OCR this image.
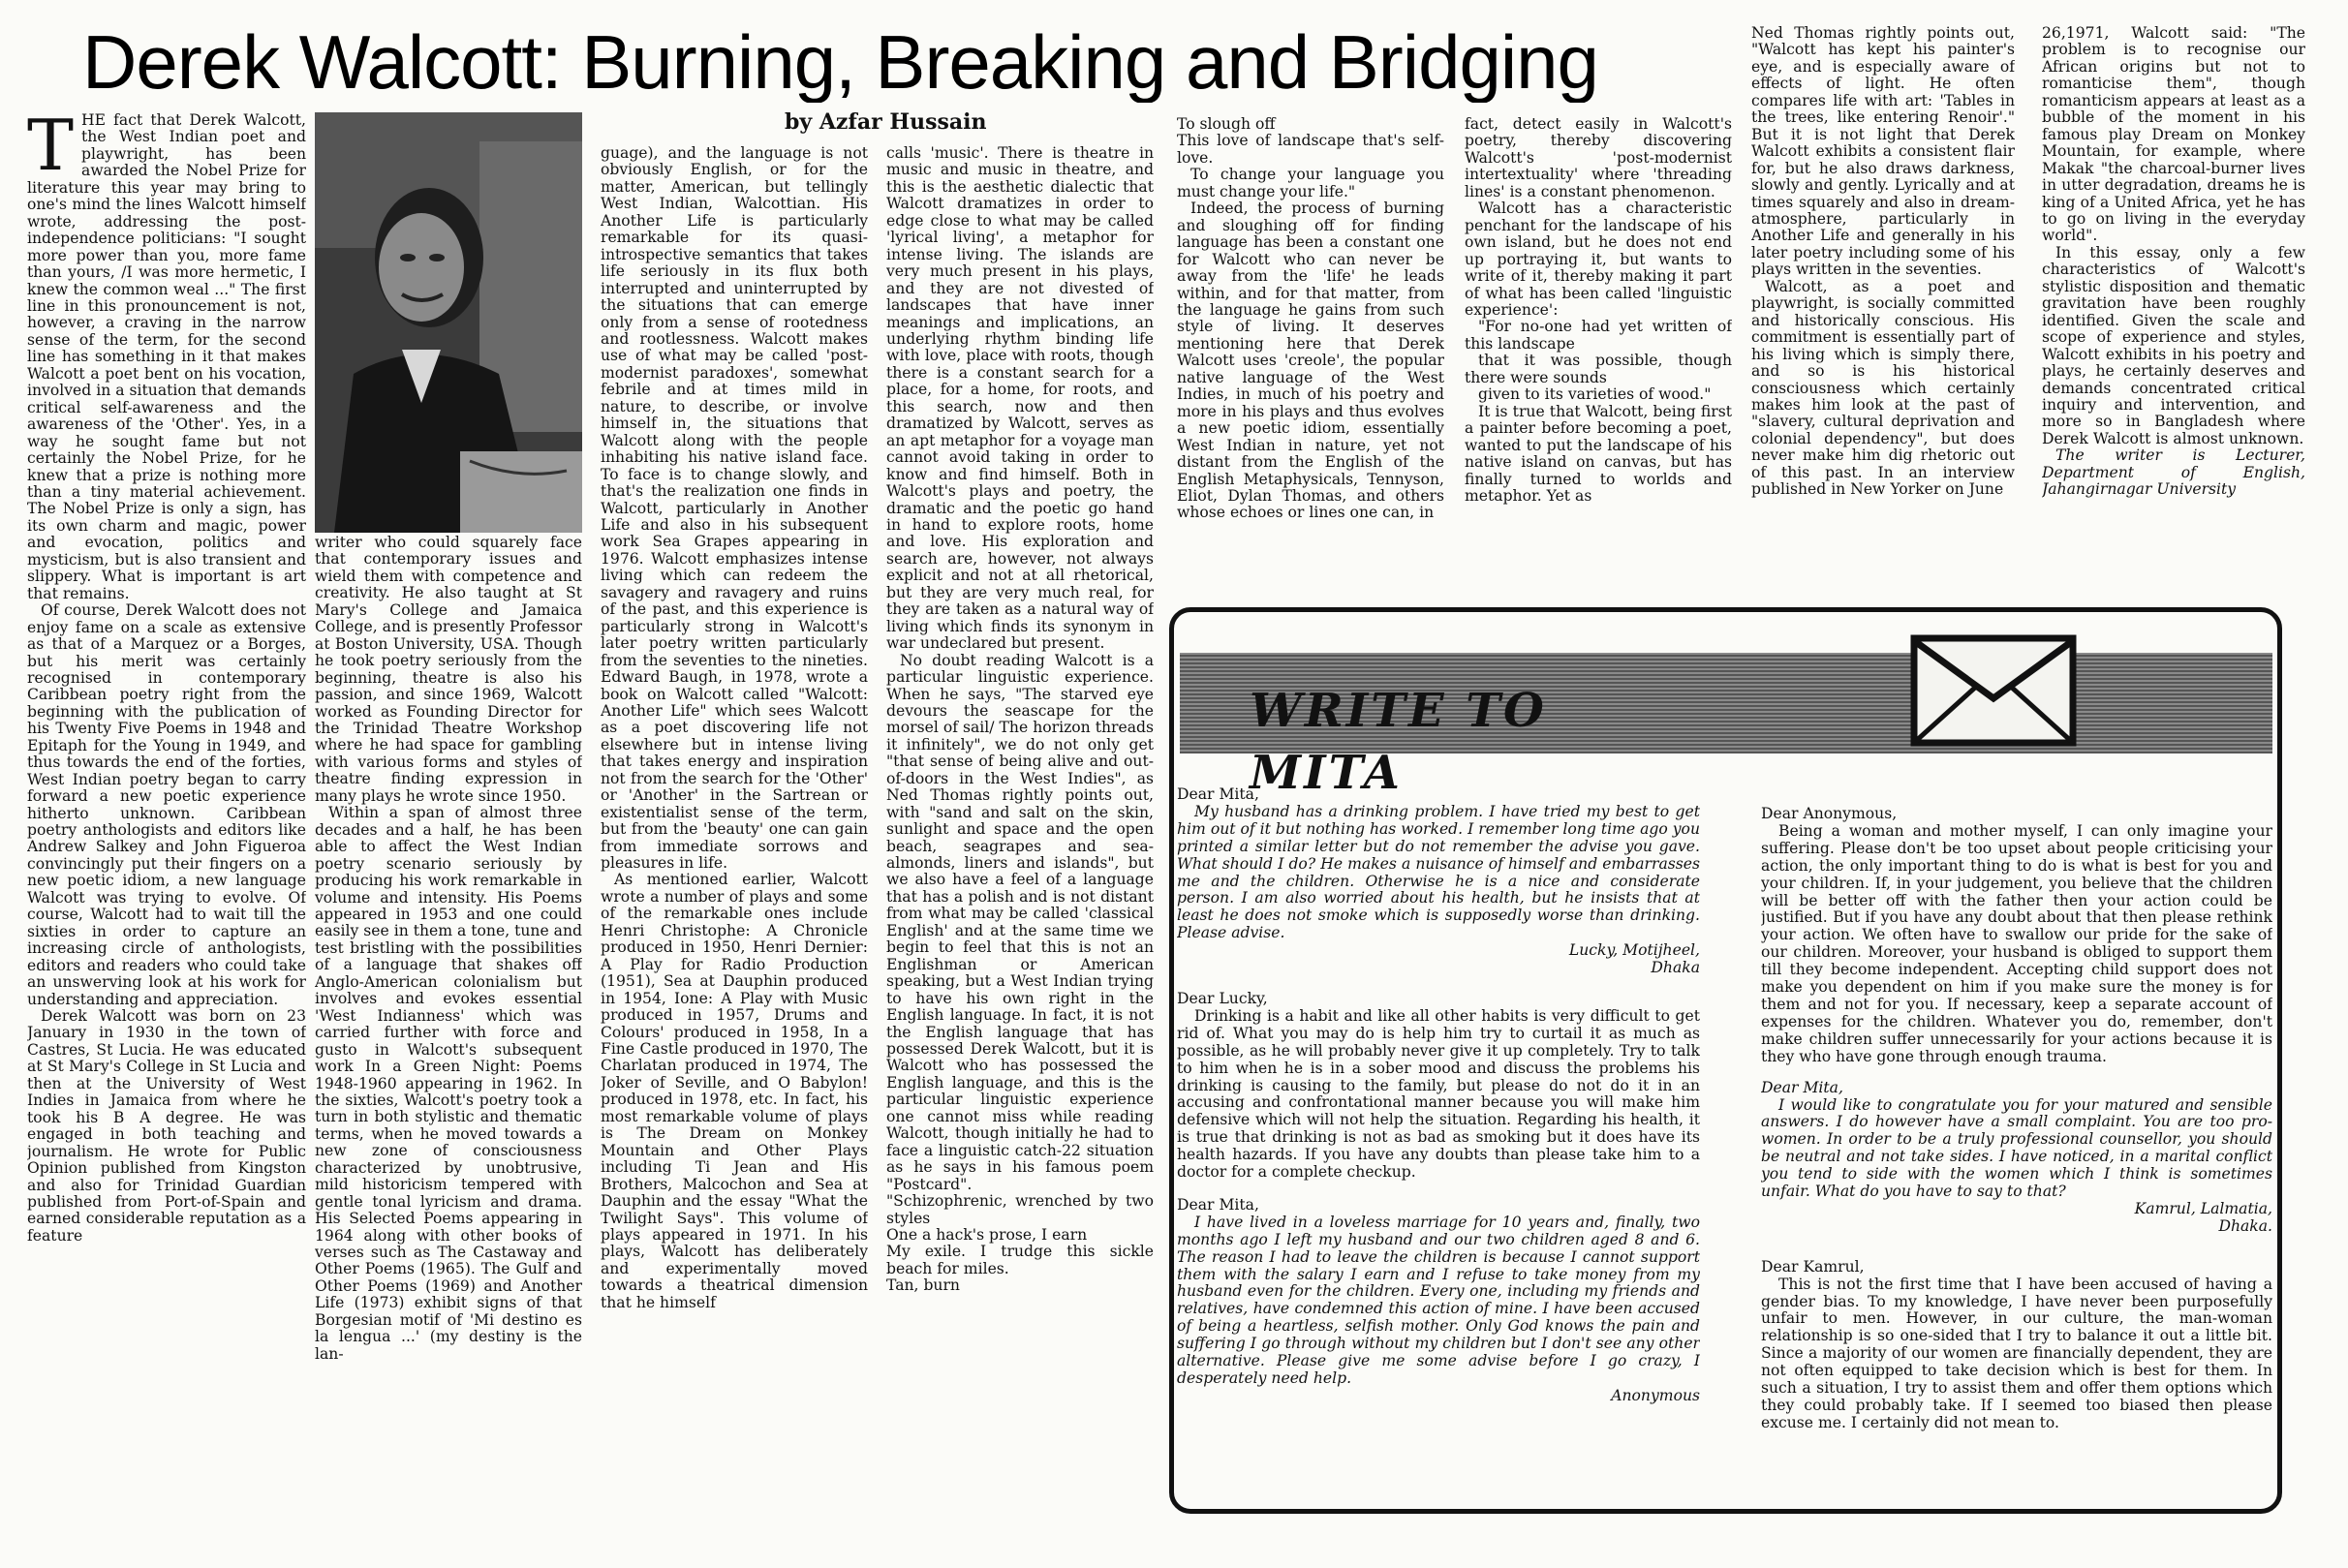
Derek Walcott: Burning, Breaking and Bridging
by Azfar Hussain

THE fact that Derek Walcott, the West Indian poet and playwright, has been awarded the Nobel Prize for literature this year may bring to one's mind the lines Walcott himself wrote, addressing the post-independence politicians: "I sought more power than you, more fame than yours, /I was more hermetic, I knew the common weal ..." The first line in this pronouncement is not, however, a craving in the narrow sense of the term, for the second line has something in it that makes Walcott a poet bent on his vocation, involved in a situation that demands critical self-awareness and the awareness of the 'Other'. Yes, in a way he sought fame but not certainly the Nobel Prize, for he knew that a prize is nothing more than a tiny material achievement. The Nobel Prize is only a sign, has its own charm and magic, power and evocation, politics and mysticism, but is also transient and slippery. What is important is art that remains.

Of course, Derek Walcott does not enjoy fame on a scale as extensive as that of a Marquez or a Borges, but his merit was certainly recognised in contemporary Caribbean poetry right from the beginning with the publication of his Twenty Five Poems in 1948 and Epitaph for the Young in 1949, and thus towards the end of the forties, West Indian poetry began to carry forward a new poetic experience hitherto unknown. Caribbean poetry anthologists and editors like Andrew Salkey and John Figueroa convincingly put their fingers on a new poetic idiom, a new language Walcott was trying to evolve. Of course, Walcott had to wait till the sixties in order to capture an increasing circle of anthologists, editors and readers who could take an unswerving look at his work for understanding and appreciation.

Derek Walcott was born on 23 January in 1930 in the town of Castres, St Lucia. He was educated at St Mary's College in St Lucia and then at the University of West Indies in Jamaica from where he took his B A degree. He was engaged in both teaching and journalism. He wrote for Public Opinion published from Kingston and also for Trinidad Guardian published from Port-of-Spain and earned considerable reputation as a feature

writer who could squarely face that contemporary issues and wield them with competence and creativity. He also taught at St Mary's College and Jamaica College, and is presently Professor at Boston University, USA. Though he took poetry seriously from the beginning, theatre is also his passion, and since 1969, Walcott worked as Founding Director for the Trinidad Theatre Workshop where he had space for gambling with various forms and styles of theatre finding expression in many plays he wrote since 1950.

Within a span of almost three decades and a half, he has been able to affect the West Indian poetry scenario seriously by producing his work remarkable in volume and intensity. His Poems appeared in 1953 and one could easily see in them a tone, tune and test bristling with the possibilities of a language that shakes off Anglo-American colonialism but involves and evokes essential 'West Indianness' which was carried further with force and gusto in Walcott's subsequent work In a Green Night: Poems 1948-1960 appearing in 1962. In the sixties, Walcott's poetry took a turn in both stylistic and thematic terms, when he moved towards a new zone of consciousness characterized by unobtrusive, mild historicism tempered with gentle tonal lyricism and drama. His Selected Poems appearing in 1964 along with other books of verses such as The Castaway and Other Poems (1965). The Gulf and Other Poems (1969) and Another Life (1973) exhibit signs of that Borgesian motif of 'Mi destino es la lengua ...' (my destiny is the lan-

guage), and the language is not obviously English, or for the matter, American, but tellingly West Indian, Walcottian. His Another Life is particularly remarkable for its quasi-introspective semantics that takes life seriously in its flux both interrupted and uninterrupted by the situations that can emerge only from a sense of rootedness and rootlessness. Walcott makes use of what may be called 'post-modernist paradoxes', somewhat febrile and at times mild in nature, to describe, or involve himself in, the situations that Walcott along with the people inhabiting his native island face. To face is to change slowly, and that's the realization one finds in Walcott, particularly in Another Life and also in his subsequent work Sea Grapes appearing in 1976. Walcott emphasizes intense living which can redeem the savagery and ravagery and ruins of the past, and this experience is particularly strong in Walcott's later poetry written particularly from the seventies to the nineties. Edward Baugh, in 1978, wrote a book on Walcott called "Walcott: Another Life" which sees Walcott as a poet discovering life not elsewhere but in intense living that takes energy and inspiration not from the search for the 'Other' or 'Another' in the Sartrean or existentialist sense of the term, but from the 'beauty' one can gain from immediate sorrows and pleasures in life.

As mentioned earlier, Walcott wrote a number of plays and some of the remarkable ones include Henri Christophe: A Chronicle produced in 1950, Henri Dernier: A Play for Radio Production (1951), Sea at Dauphin produced in 1954, Ione: A Play with Music produced in 1957, Drums and Colours' produced in 1958, In a Fine Castle produced in 1970, The Charlatan produced in 1974, The Joker of Seville, and O Babylon! produced in 1978, etc. In fact, his most remarkable volume of plays is The Dream on Monkey Mountain and Other Plays including Ti Jean and His Brothers, Malcochon and Sea at Dauphin and the essay "What the Twilight Says". This volume of plays appeared in 1971. In his plays, Walcott has deliberately and experimentally moved towards a theatrical dimension that he himself

calls 'music'. There is theatre in music and music in theatre, and this is the aesthetic dialectic that Walcott dramatizes in order to edge close to what may be called 'lyrical living', a metaphor for intense living. The islands are very much present in his plays, and they are not divested of landscapes that have inner meanings and implications, an underlying rhythm binding life with love, place with roots, though there is a constant search for a place, for a home, for roots, and this search, now and then dramatized by Walcott, serves as an apt metaphor for a voyage man cannot avoid taking in order to know and find himself. Both in Walcott's plays and poetry, the dramatic and the poetic go hand in hand to explore roots, home and love. His exploration and search are, however, not always explicit and not at all rhetorical, but they are very much real, for they are taken as a natural way of living which finds its synonym in war undeclared but present.

No doubt reading Walcott is a particular linguistic experience. When he says, "The starved eye devours the seascape for the morsel of sail/ The horizon threads it infinitely", we do not only get "that sense of being alive and out-of-doors in the West Indies", as Ned Thomas rightly points out, with "sand and salt on the skin, sunlight and space and the open beach, seagrapes and sea-almonds, liners and islands", but we also have a feel of a language that has a polish and is not distant from what may be called 'classical English' and at the same time we begin to feel that this is not an Englishman or American speaking, but a West Indian trying to have his own right in the English language. In fact, it is not the English language that has possessed Derek Walcott, but it is Walcott who has possessed the English language, and this is the particular linguistic experience one cannot miss while reading Walcott, though initially he had to face a linguistic catch-22 situation as he says in his famous poem "Postcard".

"Schizophrenic, wrenched by two styles

One a hack's prose, I earn

My exile. I trudge this sickle beach for miles.

Tan, burn

To slough off

This love of landscape that's self-love.

To change your language you must change your life."

Indeed, the process of burning and sloughing off for finding language has been a constant one for Walcott who can never be away from the 'life' he leads within, and for that matter, from the language he gains from such style of living. It deserves mentioning here that Derek Walcott uses 'creole', the popular native language of the West Indies, in much of his poetry and more in his plays and thus evolves a new poetic idiom, essentially West Indian in nature, yet not distant from the English of the English Metaphysicals, Tennyson, Eliot, Dylan Thomas, and others whose echoes or lines one can, in

fact, detect easily in Walcott's poetry, thereby discovering Walcott's 'post-modernist intertextuality' where 'threading lines' is a constant phenomenon.

Walcott has a characteristic penchant for the landscape of his own island, but he does not end up portraying it, but wants to write of it, thereby making it part of what has been called 'linguistic experience':

"For no-one had yet written of this landscape

that it was possible, though there were sounds

given to its varieties of wood."

It is true that Walcott, being first a painter before becoming a poet, wanted to put the landscape of his native island on canvas, but has finally turned to worlds and metaphor. Yet as

Ned Thomas rightly points out, "Walcott has kept his painter's eye, and is especially aware of effects of light. He often compares life with art: 'Tables in the trees, like entering Renoir'." But it is not light that Derek Walcott exhibits a consistent flair for, but he also draws darkness, slowly and gently. Lyrically and at times squarely and also in dream-atmosphere, particularly in Another Life and generally in his later poetry including some of his plays written in the seventies.

Walcott, as a poet and playwright, is socially committed and historically conscious. His commitment is essentially part of his living which is simply there, and so is his historical consciousness which certainly makes him look at the past of "slavery, cultural deprivation and colonial dependency", but does never make him dig rhetoric out of this past. In an interview published in New Yorker on June

26,1971, Walcott said: "The problem is to recognise our African origins but not to romanticise them", though romanticism appears at least as a bubble of the moment in his famous play Dream on Monkey Mountain, for example, where Makak "the charcoal-burner lives in utter degradation, dreams he is king of a United Africa, yet he has to go on living in the everyday world".

In this essay, only a few characteristics of Walcott's stylistic disposition and thematic gravitation have been roughly identified. Given the scale and scope of experience and styles, Walcott exhibits in his poetry and plays, he certainly deserves and demands concentrated critical inquiry and intervention, and more so in Bangladesh where Derek Walcott is almost unknown.

The writer is Lecturer, Department of English, Jahangirnagar University

WRITE TO MITA
Dear Mita,
My husband has a drinking problem. I have tried my best to get him out of it but nothing has worked. I remember long time ago you printed a similar letter but do not remember the advise you gave. What should I do? He makes a nuisance of himself and embarrasses me and the children. Otherwise he is a nice and considerate person. I am also worried about his health, but he insists that at least he does not smoke which is supposedly worse than drinking. Please advise.
Lucky, Motijheel,
Dhaka
Dear Lucky,
Drinking is a habit and like all other habits is very difficult to get rid of. What you may do is help him try to curtail it as much as possible, as he will probably never give it up completely. Try to talk to him when he is in a sober mood and discuss the problems his drinking is causing to the family, but please do not do it in an accusing and confrontational manner because you will make him defensive which will not help the situation. Regarding his health, it is true that drinking is not as bad as smoking but it does have its health hazards. If you have any doubts than please take him to a doctor for a complete checkup.
Dear Mita,
I have lived in a loveless marriage for 10 years and, finally, two months ago I left my husband and our two children aged 8 and 6. The reason I had to leave the children is because I cannot support them with the salary I earn and I refuse to take money from my husband even for the children. Every one, including my friends and relatives, have condemned this action of mine. I have been accused of being a heartless, selfish mother. Only God knows the pain and suffering I go through without my children but I don't see any other alternative. Please give me some advise before I go crazy, I desperately need help.
Anonymous
Dear Anonymous,
Being a woman and mother myself, I can only imagine your suffering. Please don't be too upset about people criticising your action, the only important thing to do is what is best for you and your children. If, in your judgement, you believe that the children will be better off with the father then your action could be justified. But if you have any doubt about that then please rethink your action. We often have to swallow our pride for the sake of our children. Moreover, your husband is obliged to support them till they become independent. Accepting child support does not make you dependent on him if you make sure the money is for them and not for you. If necessary, keep a separate account of expenses for the children. Whatever you do, remember, don't make children suffer unnecessarily for your actions because it is they who have gone through enough trauma.
Dear Mita,
I would like to congratulate you for your matured and sensible answers. I do however have a small complaint. You are too pro-women. In order to be a truly professional counsellor, you should be neutral and not take sides. I have noticed, in a marital conflict you tend to side with the women which I think is sometimes unfair. What do you have to say to that?
Kamrul, Lalmatia,
Dhaka.
Dear Kamrul,
This is not the first time that I have been accused of having a gender bias. To my knowledge, I have never been purposefully unfair to men. However, in our culture, the man-woman relationship is so one-sided that I try to balance it out a little bit. Since a majority of our women are financially dependent, they are not often equipped to take decision which is best for them. In such a situation, I try to assist them and offer them options which they could probably take. If I seemed too biased then please excuse me. I certainly did not mean to.
